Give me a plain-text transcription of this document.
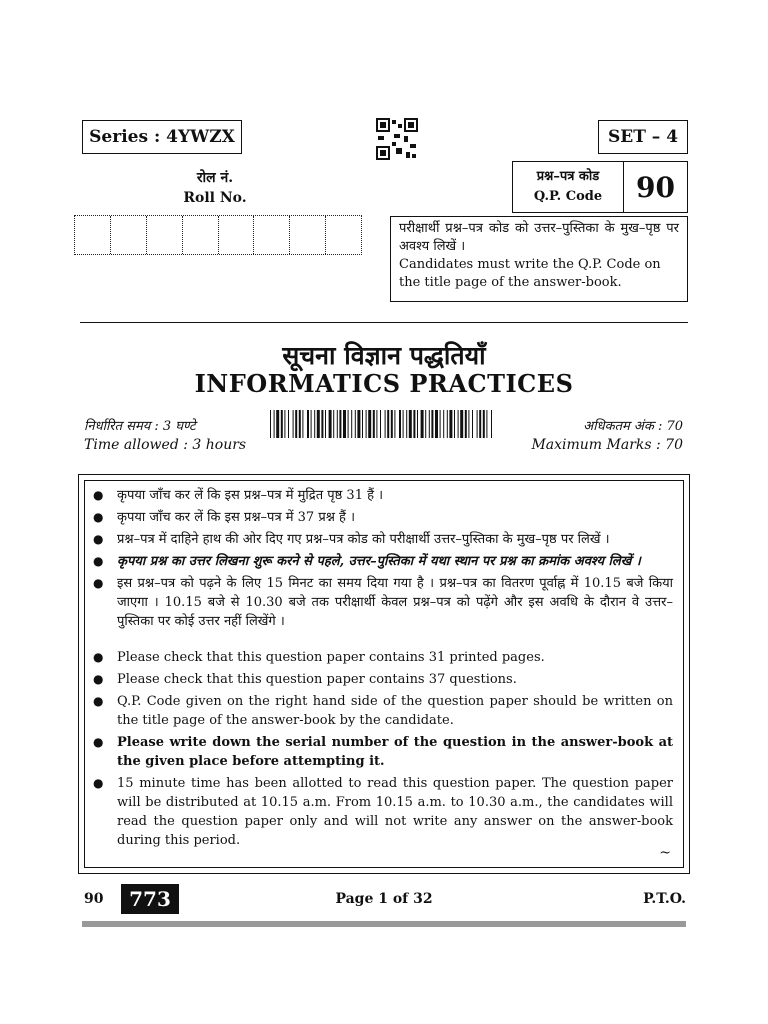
Series : 4YWZX	SET – 4
रोल नं.
Roll No.
प्रश्न–पत्र कोड
Q.P. Code	90
परीक्षार्थी प्रश्न–पत्र कोड को उत्तर–पुस्तिका के मुख–पृष्ठ पर अवश्य लिखें ।
Candidates must write the Q.P. Code on the title page of the answer-book.
सूचना विज्ञान पद्धतियाँ
INFORMATICS PRACTICES
निर्धारित समय : 3 घण्टे
Time allowed : 3 hours
अधिकतम अंक : 70
Maximum Marks : 70
● कृपया जाँच कर लें कि इस प्रश्न–पत्र में मुद्रित पृष्ठ 31 हैं ।
● कृपया जाँच कर लें कि इस प्रश्न–पत्र में 37 प्रश्न हैं ।
● प्रश्न–पत्र में दाहिने हाथ की ओर दिए गए प्रश्न–पत्र कोड को परीक्षार्थी उत्तर–पुस्तिका के मुख–पृष्ठ पर लिखें ।
● कृपया प्रश्न का उत्तर लिखना शुरू करने से पहले, उत्तर–पुस्तिका में यथा स्थान पर प्रश्न का क्रमांक अवश्य लिखें ।
● इस प्रश्न–पत्र को पढ़ने के लिए 15 मिनट का समय दिया गया है । प्रश्न–पत्र का वितरण पूर्वाह्न में 10.15 बजे किया जाएगा । 10.15 बजे से 10.30 बजे तक परीक्षार्थी केवल प्रश्न–पत्र को पढ़ेंगे और इस अवधि के दौरान वे उत्तर–पुस्तिका पर कोई उत्तर नहीं लिखेंगे ।
● Please check that this question paper contains 31 printed pages.
● Please check that this question paper contains 37 questions.
● Q.P. Code given on the right hand side of the question paper should be written on the title page of the answer-book by the candidate.
● Please write down the serial number of the question in the answer-book at the given place before attempting it.
● 15 minute time has been allotted to read this question paper. The question paper will be distributed at 10.15 a.m. From 10.15 a.m. to 10.30 a.m., the candidates will read the question paper only and will not write any answer on the answer-book during this period.
~
90	773	Page 1 of 32	P.T.O.
